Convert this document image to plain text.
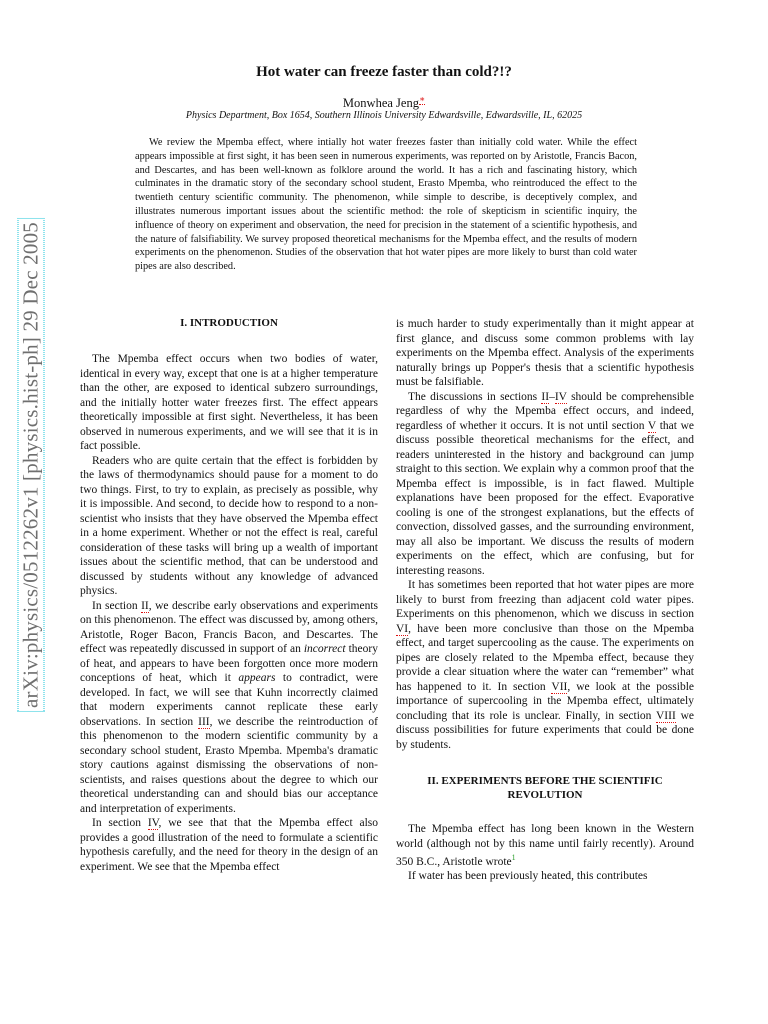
arXiv:physics/0512262v1 [physics.hist-ph] 29 Dec 2005
Hot water can freeze faster than cold?!?
Monwhea Jeng∗
Physics Department, Box 1654, Southern Illinois University Edwardsville, Edwardsville, IL, 62025

We review the Mpemba effect, where intially hot water freezes faster than initially cold water. While the effect appears impossible at first sight, it has been seen in numerous experiments, was reported on by Aristotle, Francis Bacon, and Descartes, and has been well-known as folklore around the world. It has a rich and fascinating history, which culminates in the dramatic story of the secondary school student, Erasto Mpemba, who reintroduced the effect to the twentieth century scientific community. The phenomenon, while simple to describe, is deceptively complex, and illustrates numerous important issues about the scientific method: the role of skepticism in scientific inquiry, the influence of theory on experiment and observation, the need for precision in the statement of a scientific hypothesis, and the nature of falsifiability. We survey proposed theoretical mechanisms for the Mpemba effect, and the results of modern experiments on the phenomenon. Studies of the observation that hot water pipes are more likely to burst than cold water pipes are also described.

I. INTRODUCTION

The Mpemba effect occurs when two bodies of water, identical in every way, except that one is at a higher temperature than the other, are exposed to identical subzero surroundings, and the initially hotter water freezes first. The effect appears theoretically impossible at first sight. Nevertheless, it has been observed in numerous experiments, and we will see that it is in fact possible.

Readers who are quite certain that the effect is forbidden by the laws of thermodynamics should pause for a moment to do two things. First, to try to explain, as precisely as possible, why it is impossible. And second, to decide how to respond to a non-scientist who insists that they have observed the Mpemba effect in a home experiment. Whether or not the effect is real, careful consideration of these tasks will bring up a wealth of important issues about the scientific method, that can be understood and discussed by students without any knowledge of advanced physics.

In section II, we describe early observations and experiments on this phenomenon. The effect was discussed by, among others, Aristotle, Roger Bacon, Francis Bacon, and Descartes. The effect was repeatedly discussed in support of an incorrect theory of heat, and appears to have been forgotten once more modern conceptions of heat, which it appears to contradict, were developed. In fact, we will see that Kuhn incorrectly claimed that modern experiments cannot replicate these early observations. In section III, we describe the reintroduction of this phenomenon to the modern scientific community by a secondary school student, Erasto Mpemba. Mpemba's dramatic story cautions against dismissing the observations of non-scientists, and raises questions about the degree to which our theoretical understanding can and should bias our acceptance and interpretation of experiments.

In section IV, we see that that the Mpemba effect also provides a good illustration of the need to formulate a scientific hypothesis carefully, and the need for theory in the design of an experiment. We see that the Mpemba effect

is much harder to study experimentally than it might appear at first glance, and discuss some common problems with lay experiments on the Mpemba effect. Analysis of the experiments naturally brings up Popper's thesis that a scientific hypothesis must be falsifiable.

The discussions in sections II–IV should be comprehensible regardless of why the Mpemba effect occurs, and indeed, regardless of whether it occurs. It is not until section V that we discuss possible theoretical mechanisms for the effect, and readers uninterested in the history and background can jump straight to this section. We explain why a common proof that the Mpemba effect is impossible, is in fact flawed. Multiple explanations have been proposed for the effect. Evaporative cooling is one of the strongest explanations, but the effects of convection, dissolved gasses, and the surrounding environment, may all also be important. We discuss the results of modern experiments on the effect, which are confusing, but for interesting reasons.

It has sometimes been reported that hot water pipes are more likely to burst from freezing than adjacent cold water pipes. Experiments on this phenomenon, which we discuss in section VI, have been more conclusive than those on the Mpemba effect, and target supercooling as the cause. The experiments on pipes are closely related to the Mpemba effect, because they provide a clear situation where the water can “remember” what has happened to it. In section VII, we look at the possible importance of supercooling in the Mpemba effect, ultimately concluding that its role is unclear. Finally, in section VIII we discuss possibilities for future experiments that could be done by students.

II. EXPERIMENTS BEFORE THE SCIENTIFIC REVOLUTION

The Mpemba effect has long been known in the Western world (although not by this name until fairly recently). Around 350 B.C., Aristotle wrote$^1$

If water has been previously heated, this contributes
